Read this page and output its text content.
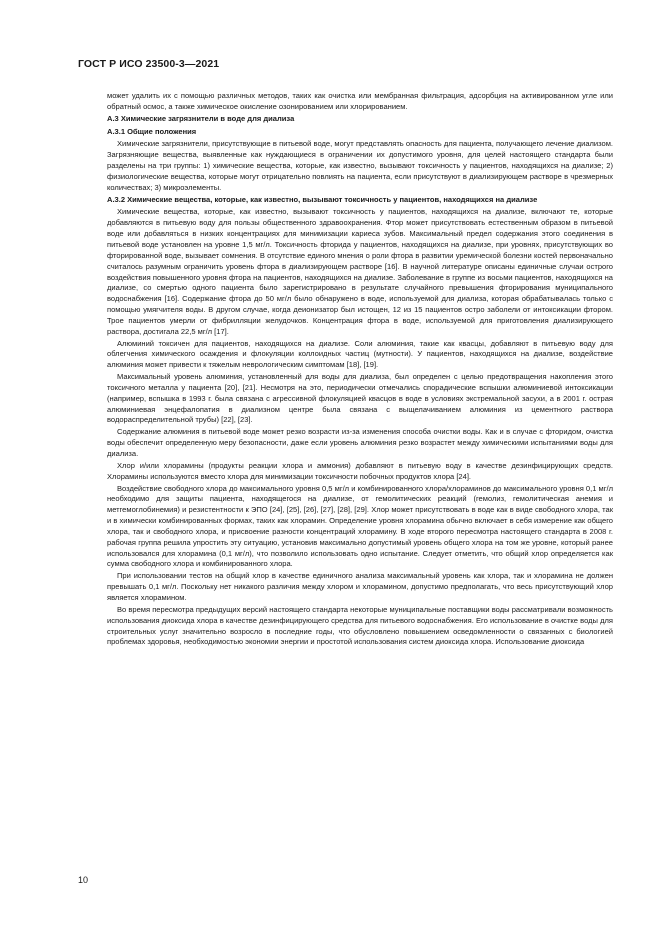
ГОСТ Р ИСО 23500-3—2021

может удалить их с помощью различных методов, таких как очистка или мембранная фильтрация, адсорбция на активированном угле или обратный осмос, а также химическое окисление озонированием или хлорированием.

А.3 Химические загрязнители в воде для диализа

А.3.1 Общие положения

Химические загрязнители, присутствующие в питьевой воде, могут представлять опасность для пациента, получающего лечение диализом. Загрязняющие вещества, выявленные как нуждающиеся в ограничении их допустимого уровня, для целей настоящего стандарта были разделены на три группы: 1) химические вещества, которые, как известно, вызывают токсичность у пациентов, находящихся на диализе; 2) физиологические вещества, которые могут отрицательно повлиять на пациента, если присутствуют в диализирующем растворе в чрезмерных количествах; 3) микроэлементы.

А.3.2 Химические вещества, которые, как известно, вызывают токсичность у пациентов, находящихся на диализе

Химические вещества, которые, как известно, вызывают токсичность у пациентов, находящихся на диализе, включают те, которые добавляются в питьевую воду для пользы общественного здравоохранения. Фтор может присутствовать естественным образом в питьевой воде или добавляться в низких концентрациях для минимизации кариеса зубов. Максимальный предел содержания этого соединения в питьевой воде установлен на уровне 1,5 мг/л. Токсичность фторида у пациентов, находящихся на диализе, при уровнях, присутствующих во фторированной воде, вызывает сомнения. В отсутствие единого мнения о роли фтора в развитии уремической болезни костей первоначально считалось разумным ограничить уровень фтора в диализирующем растворе [16]. В научной литературе описаны единичные случаи острого воздействия повышенного уровня фтора на пациентов, находящихся на диализе. Заболевание в группе из восьми пациентов, находящихся на диализе, со смертью одного пациента было зарегистрировано в результате случайного превышения фторирования муниципального водоснабжения [16]. Содержание фтора до 50 мг/л было обнаружено в воде, используемой для диализа, которая обрабатывалась только с помощью умягчителя воды. В другом случае, когда деионизатор был истощен, 12 из 15 пациентов остро заболели от интоксикации фтором. Трое пациентов умерли от фибрилляции желудочков. Концентрация фтора в воде, используемой для приготовления диализирующего раствора, достигала 22,5 мг/л [17].

Алюминий токсичен для пациентов, находящихся на диализе. Соли алюминия, такие как квасцы, добавляют в питьевую воду для облегчения химического осаждения и флокуляции коллоидных частиц (мутности). У пациентов, находящихся на диализе, воздействие алюминия может привести к тяжелым неврологическим симптомам [18], [19].

Максимальный уровень алюминия, установленный для воды для диализа, был определен с целью предотвращения накопления этого токсичного металла у пациента [20], [21]. Несмотря на это, периодически отмечались спорадические вспышки алюминиевой интоксикации (например, вспышка в 1993 г. была связана с агрессивной флокуляцией квасцов в воде в условиях экстремальной засухи, а в 2001 г. острая алюминиевая энцефалопатия в диализном центре была связана с выщелачиванием алюминия из цементного раствора водораспределительной трубы) [22], [23].

Содержание алюминия в питьевой воде может резко возрасти из-за изменения способа очистки воды. Как и в случае с фторидом, очистка воды обеспечит определенную меру безопасности, даже если уровень алюминия резко возрастет между химическими испытаниями воды для диализа.

Хлор и/или хлорамины (продукты реакции хлора и аммония) добавляют в питьевую воду в качестве дезинфицирующих средств. Хлорамины используются вместо хлора для минимизации токсичности побочных продуктов хлора [24].

Воздействие свободного хлора до максимального уровня 0,5 мг/л и комбинированного хлора/хлораминов до максимального уровня 0,1 мг/л необходимо для защиты пациента, находящегося на диализе, от гемолитических реакций (гемолиз, гемолитическая анемия и метгемоглобинемия) и резистентности к ЭПО [24], [25], [26], [27], [28], [29]. Хлор может присутствовать в воде как в виде свободного хлора, так и в химически комбинированных формах, таких как хлорамин. Определение уровня хлорамина обычно включает в себя измерение как общего хлора, так и свободного хлора, и присвоение разности концентраций хлорамину. В ходе второго пересмотра настоящего стандарта в 2008 г. рабочая группа решила упростить эту ситуацию, установив максимально допустимый уровень общего хлора на том же уровне, который ранее использовался для хлорамина (0,1 мг/л), что позволило использовать одно испытание. Следует отметить, что общий хлор определяется как сумма свободного хлора и комбинированного хлора.

При использовании тестов на общий хлор в качестве единичного анализа максимальный уровень как хлора, так и хлорамина не должен превышать 0,1 мг/л. Поскольку нет никакого различия между хлором и хлорамином, допустимо предполагать, что весь присутствующий хлор является хлорамином.

Во время пересмотра предыдущих версий настоящего стандарта некоторые муниципальные поставщики воды рассматривали возможность использования диоксида хлора в качестве дезинфицирующего средства для питьевого водоснабжения. Его использование в очистке воды для строительных услуг значительно возросло в последние годы, что обусловлено повышением осведомленности о связанных с биологией проблемах здоровья, необходимостью экономии энергии и простотой использования систем диоксида хлора. Использование диоксида

10
